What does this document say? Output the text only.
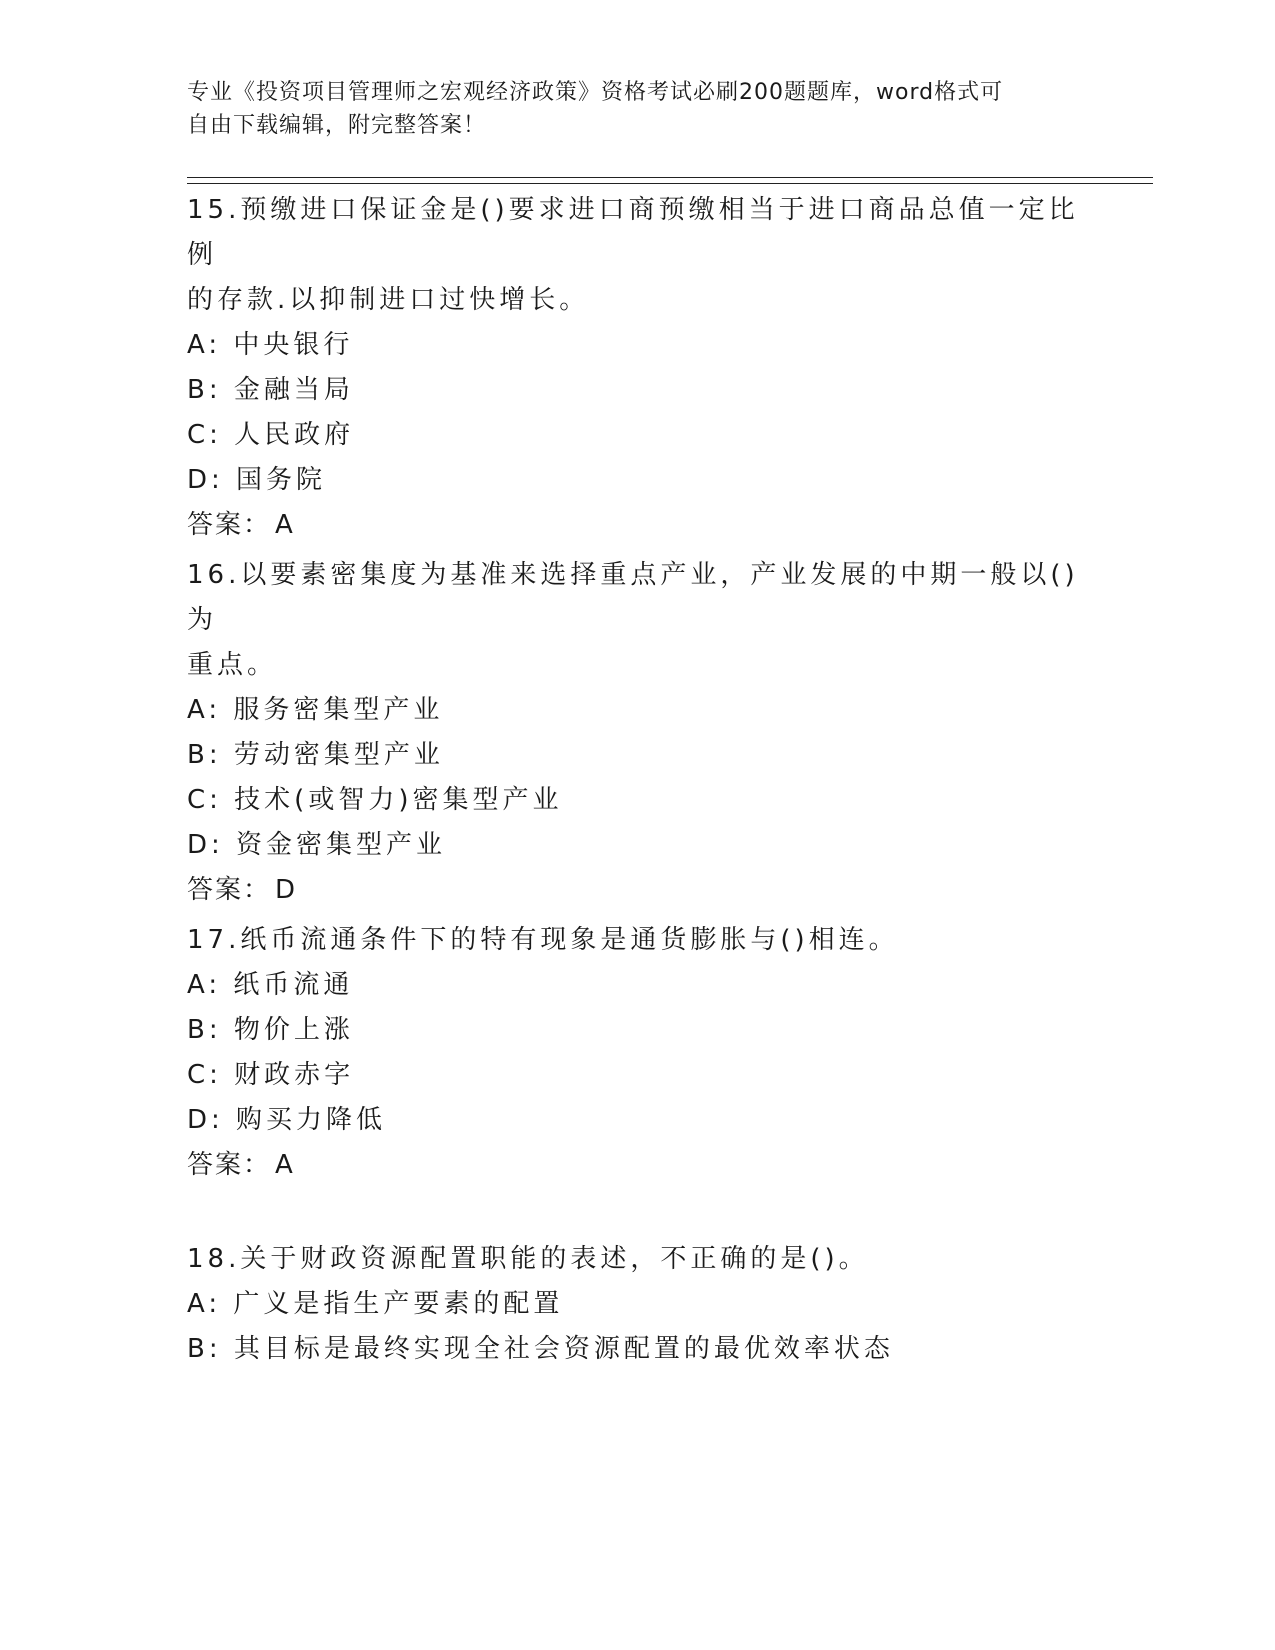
专业《投资项目管理师之宏观经济政策》资格考试必刷200题题库，word格式可
自由下载编辑，附完整答案！

15.预缴进口保证金是()要求进口商预缴相当于进口商品总值一定比例

的存款.以抑制进口过快增长。

A: 中央银行

B: 金融当局

C: 人民政府

D: 国务院

答案： A

16.以要素密集度为基准来选择重点产业，产业发展的中期一般以()为

重点。

A: 服务密集型产业

B: 劳动密集型产业

C: 技术(或智力)密集型产业

D: 资金密集型产业

答案： D

17.纸币流通条件下的特有现象是通货膨胀与()相连。

A: 纸币流通

B: 物价上涨

C: 财政赤字

D: 购买力降低

答案： A

18.关于财政资源配置职能的表述，不正确的是()。

A: 广义是指生产要素的配置

B: 其目标是最终实现全社会资源配置的最优效率状态
